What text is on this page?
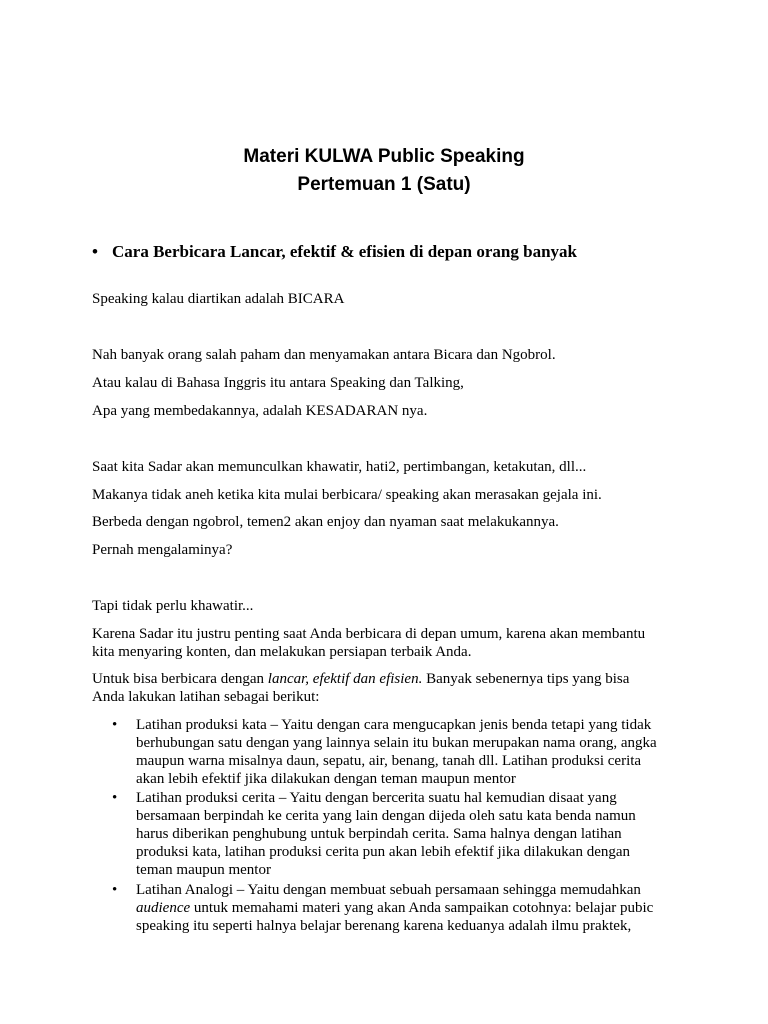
Materi KULWA Public Speaking
Pertemuan 1 (Satu)

• Cara Berbicara Lancar, efektif & efisien di depan orang banyak

Speaking kalau diartikan adalah BICARA

Nah banyak orang salah paham dan menyamakan antara Bicara dan Ngobrol.

Atau kalau di Bahasa Inggris itu antara Speaking dan Talking,

Apa yang membedakannya, adalah KESADARAN nya.

Saat kita Sadar akan memunculkan khawatir, hati2, pertimbangan, ketakutan, dll...

Makanya tidak aneh ketika kita mulai berbicara/ speaking akan merasakan gejala ini.

Berbeda dengan ngobrol, temen2 akan enjoy dan nyaman saat melakukannya.

Pernah mengalaminya?

Tapi tidak perlu khawatir...

Karena Sadar itu justru penting saat Anda berbicara di depan umum, karena akan membantu
kita menyaring konten, dan melakukan persiapan terbaik Anda.

Untuk bisa berbicara dengan lancar, efektif dan efisien. Banyak sebenernya tips yang bisa
Anda lakukan latihan sebagai berikut:

• Latihan produksi kata – Yaitu dengan cara mengucapkan jenis benda tetapi yang tidak
berhubungan satu dengan yang lainnya selain itu bukan merupakan nama orang, angka
maupun warna misalnya daun, sepatu, air, benang, tanah dll. Latihan produksi cerita
akan lebih efektif jika dilakukan dengan teman maupun mentor
• Latihan produksi cerita – Yaitu dengan bercerita suatu hal kemudian disaat yang
bersamaan berpindah ke cerita yang lain dengan dijeda oleh satu kata benda namun
harus diberikan penghubung untuk berpindah cerita. Sama halnya dengan latihan
produksi kata, latihan produksi cerita pun akan lebih efektif jika dilakukan dengan
teman maupun mentor
• Latihan Analogi – Yaitu dengan membuat sebuah persamaan sehingga memudahkan
audience untuk memahami materi yang akan Anda sampaikan cotohnya: belajar pubic
speaking itu seperti halnya belajar berenang karena keduanya adalah ilmu praktek,
